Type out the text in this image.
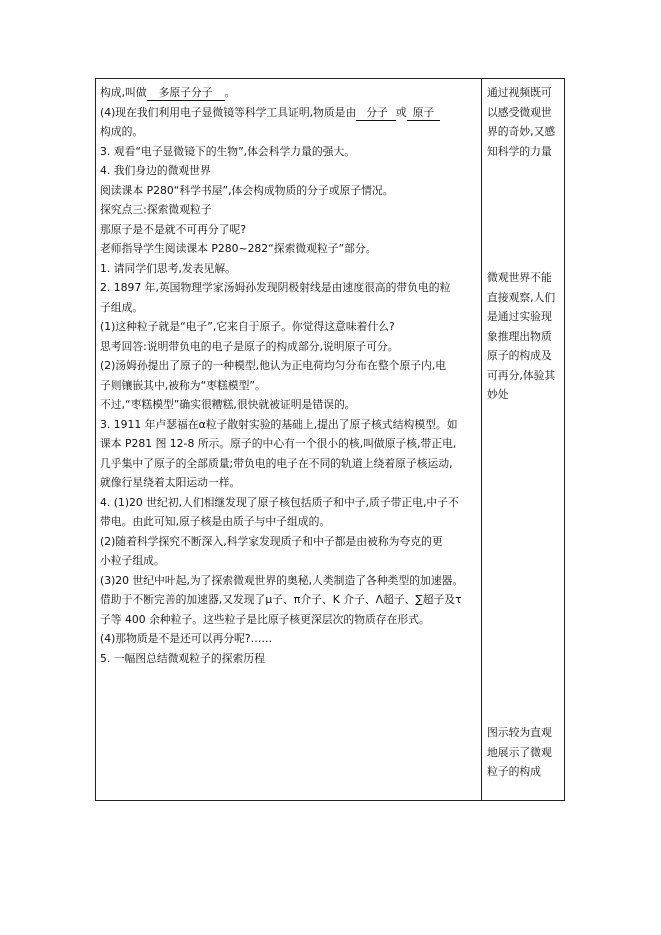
构成,叫做 多原子分子 。
(4)现在我们利用电子显微镜等科学工具证明,物质是由 分子 或 原子
构成的。
3. 观看“电子显微镜下的生物”,体会科学力量的强大。
4. 我们身边的微观世界
阅读课本 P280“科学书屋”,体会构成物质的分子或原子情况。
探究点三:探索微观粒子
那原子是不是就不可再分了呢?
老师指导学生阅读课本 P280~282“探索微观粒子”部分。
1. 请同学们思考,发表见解。
2. 1897 年,英国物理学家汤姆孙发现阴极射线是由速度很高的带负电的粒
子组成。
(1)这种粒子就是“电子”,它来自于原子。你觉得这意味着什么?
思考回答:说明带负电的电子是原子的构成部分,说明原子可分。
(2)汤姆孙提出了原子的一种模型,他认为正电荷均匀分布在整个原子内,电
子则镶嵌其中,被称为“枣糕模型”。
不过,“枣糕模型”确实很糟糕,很快就被证明是错误的。
3. 1911 年卢瑟福在α粒子散射实验的基础上,提出了原子核式结构模型。如
课本 P281 图 12-8 所示。原子的中心有一个很小的核,叫做原子核,带正电,
几乎集中了原子的全部质量;带负电的电子在不同的轨道上绕着原子核运动,
就像行星绕着太阳运动一样。
4. (1)20 世纪初,人们相继发现了原子核包括质子和中子,质子带正电,中子不
带电。由此可知,原子核是由质子与中子组成的。
(2)随着科学探究不断深入,科学家发现质子和中子都是由被称为夸克的更
小粒子组成。
(3)20 世纪中叶起,为了探索微观世界的奥秘,人类制造了各种类型的加速器。
借助于不断完善的加速器,又发现了μ子、π介子、K 介子、Λ超子、∑超子及τ
子等 400 余种粒子。这些粒子是比原子核更深层次的物质存在形式。
(4)那物质是不是还可以再分呢?……
5. 一幅图总结微观粒子的探索历程
通过视频既可
以感受微观世
界的奇妙,又感
知科学的力量
微观世界不能
直接观察,人们
是通过实验现
象推理出物质
原子的构成及
可再分,体验其
妙处
图示较为直观
地展示了微观
粒子的构成
